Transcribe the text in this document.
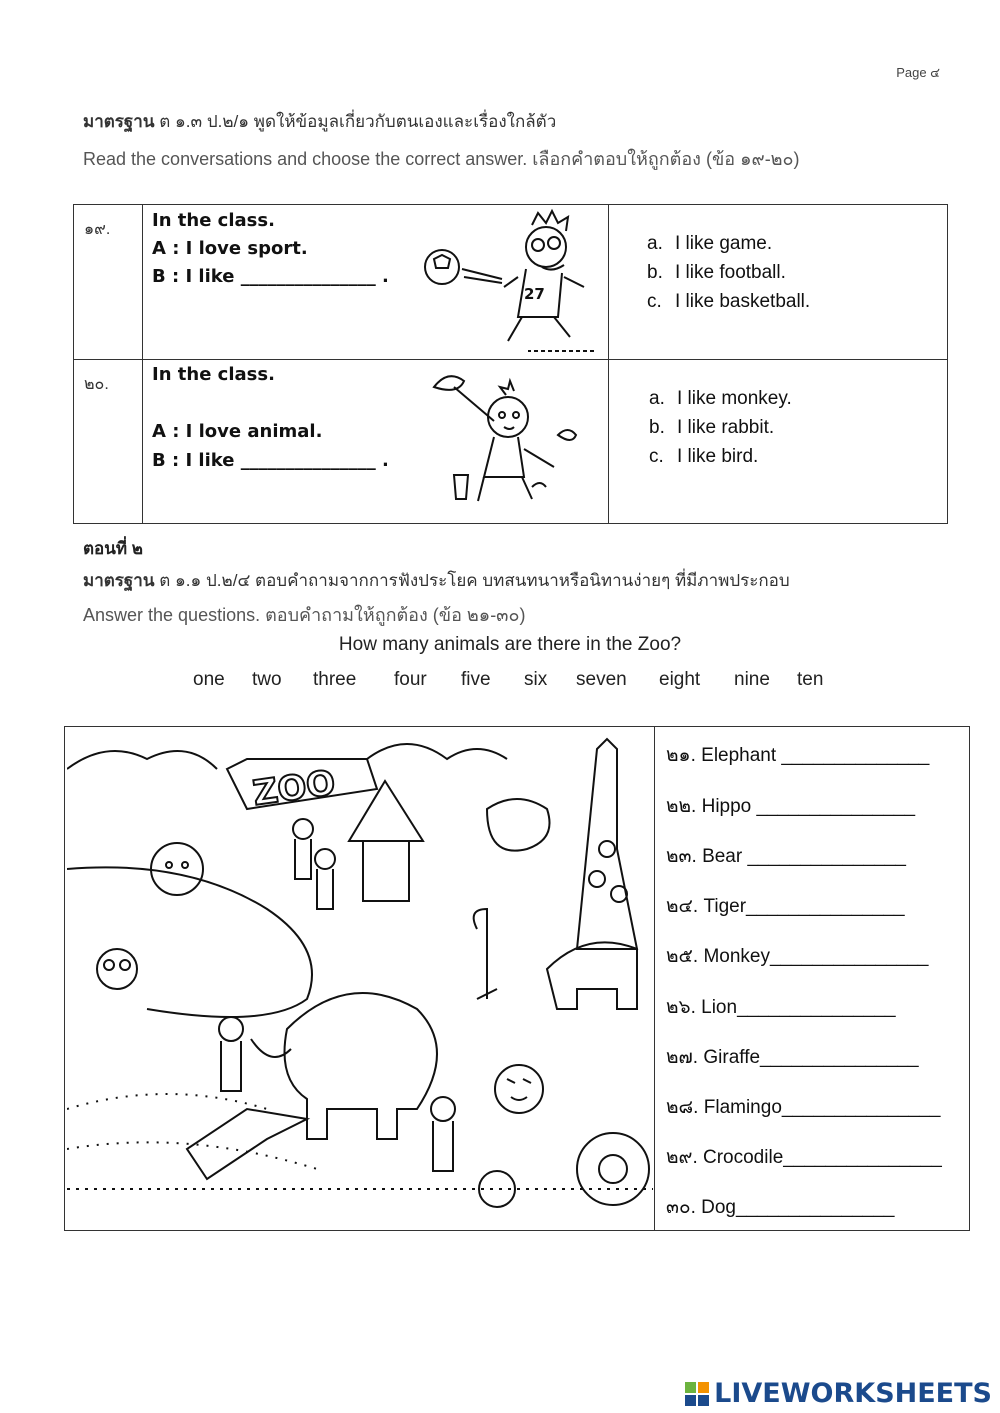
Page ๔
มาตรฐาน ต ๑.๓ ป.๒/๑ พูดให้ข้อมูลเกี่ยวกับตนเองและเรื่องใกล้ตัว
Read the conversations and choose the correct answer. เลือกคำตอบให้ถูกต้อง (ข้อ ๑๙-๒๐)
๑๙. In the class.
A : I love sport.
B : I like _______________ .
27
a. I like game.
b. I like football.
c. I like basketball.
๒๐. In the class.
A : I love animal.
B : I like _______________ .
a. I like monkey.
b. I like rabbit.
c. I like bird.
ตอนที่ ๒
มาตรฐาน ต ๑.๑ ป.๒/๔ ตอบคำถามจากการฟังประโยค บทสนทนาหรือนิทานง่ายๆ ที่มีภาพประกอบ
Answer the questions. ตอบคำถามให้ถูกต้อง (ข้อ ๒๑-๓๐)
How many animals are there in the Zoo?
one two three four five six seven eight nine ten
ZOO
๒๑. Elephant ______________
๒๒. Hippo _______________
๒๓. Bear _______________
๒๔. Tiger_______________
๒๕. Monkey_______________
๒๖. Lion_______________
๒๗. Giraffe_______________
๒๘. Flamingo_______________
๒๙. Crocodile_______________
๓๐. Dog_______________
LIVEWORKSHEETS
